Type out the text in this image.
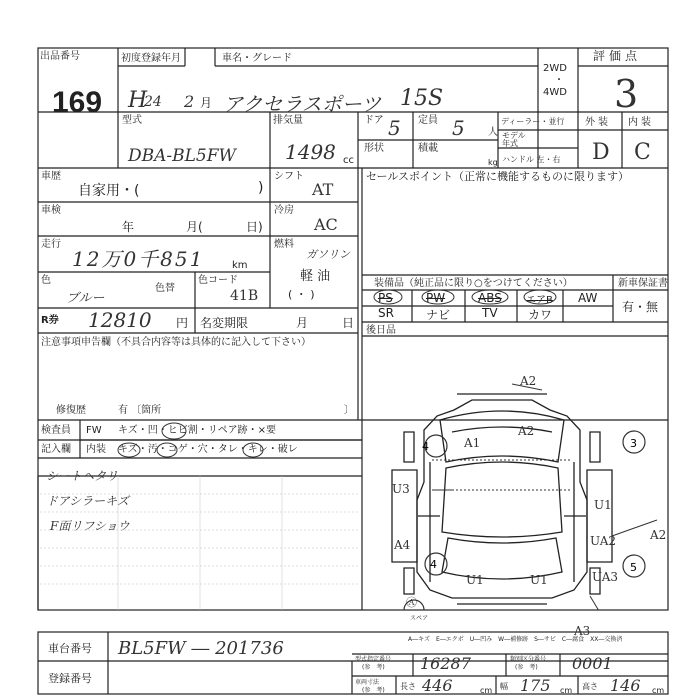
出品番号
169
初度登録年月
H
24 2 月
車名・グレード
アクセラスポーツ 15S
2WD
・
4WD
評価点
3
型式
DBA-BL5FW
排気量
1498 cc
ドア 5
形状
定員 5 人
積載
kg
ディーラー・並行
モデル
年式
ハンドル 左・右
外装 内装
D C
車歴
自家用・(	)
シフト
AT
車検
年	月(	日)
冷房
AC
走行
12万0千851	km
燃料
ガソリン
軽 油
( ・ )
色
ブルー
色替
色コード
41B
R券 12810 円 名変期限	月	日
セールスポイント（正常に機能するものに限ります）
装備品（純正品に限り○をつけてください）	新車保証書
有・無
PS	PW	ABS エアB AW
SR	ナビ	TV	カワ
後日品
注意事項申告欄（不具合内容等は具体的に記入して下さい）
修復歴	有 〔箇所	〕
検査員 FW キズ・凹・ヒビ割・リペア跡・×要
記入欄 内装 キズ・汚・コゲ・穴・タレ・キレ・破レ
シートヘタリ
ドアシラーキズ
F面リフショウ
4	3
4	5
A2
A2
A1
U3
U1
A4	UA2	A2
U1	U1	UA3
A3
Ⓐ
スペア
A―キズ　E―エクボ　U―凹み　W―補修跡　S―サビ　C―腐食　XX―交換済
車台番号 BL5FW ― 201736
登録番号
型式指定番号
(参　考) 16287	類別区分番号
(参　考) 0001
車両寸法
(参　考) 長さ 446	cm 幅 175 cm 高さ 146 cm
